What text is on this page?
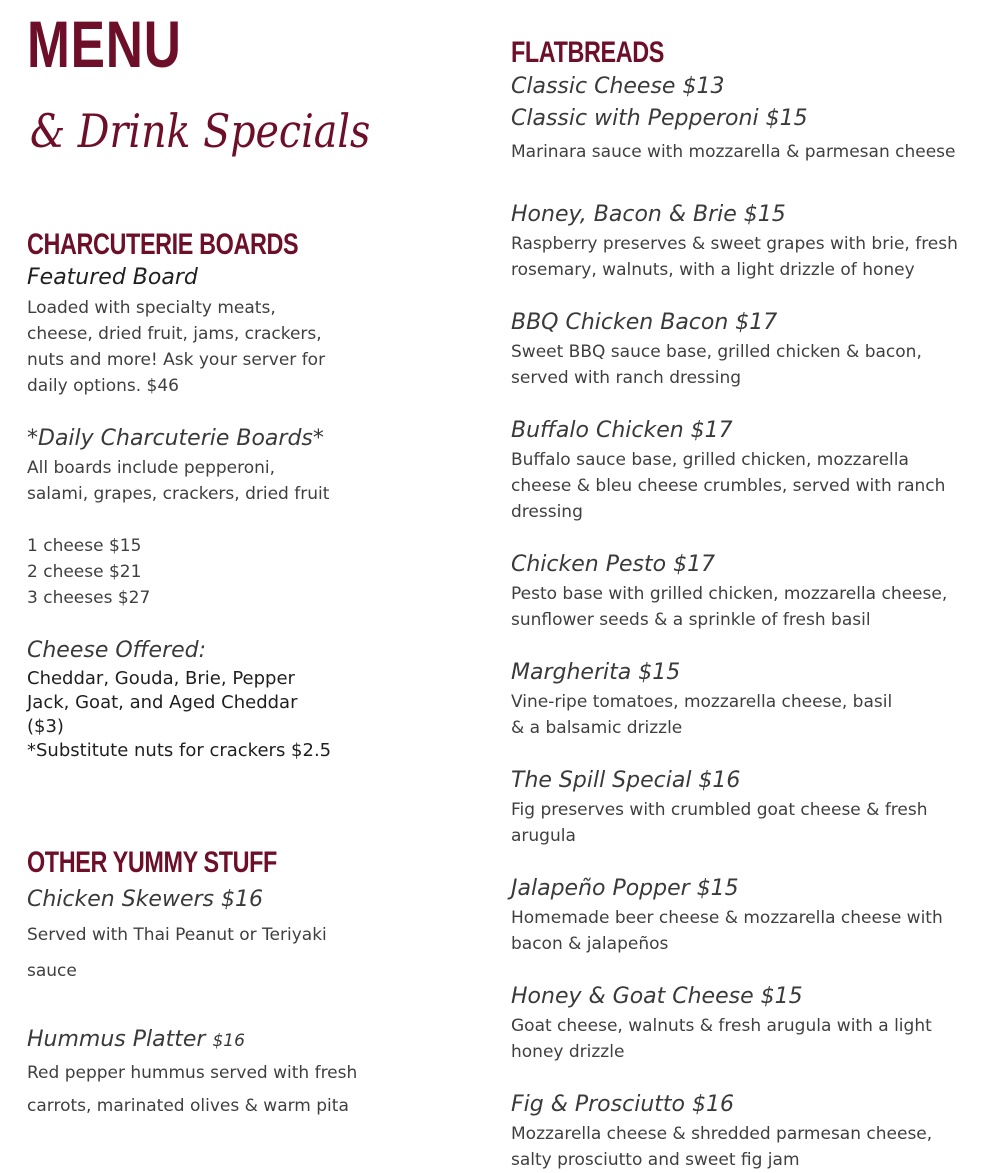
MENU
& Drink Specials
CHARCUTERIE BOARDS
Featured Board
Loaded with specialty meats,
cheese, dried fruit, jams, crackers,
nuts and more! Ask your server for
daily options. $46
*Daily Charcuterie Boards*
All boards include pepperoni,
salami, grapes, crackers, dried fruit
1 cheese $15
2 cheese $21
3 cheeses $27
Cheese Offered:
Cheddar, Gouda, Brie, Pepper
Jack, Goat, and Aged Cheddar
($3)
*Substitute nuts for crackers $2.5
OTHER YUMMY STUFF
Chicken Skewers $16
Served with Thai Peanut or Teriyaki
sauce
Hummus Platter $16
Red pepper hummus served with fresh
carrots, marinated olives & warm pita
FLATBREADS
Classic Cheese $13
Classic with Pepperoni $15
Marinara sauce with mozzarella & parmesan cheese
Honey, Bacon & Brie $15
Raspberry preserves & sweet grapes with brie, fresh
rosemary, walnuts, with a light drizzle of honey
BBQ Chicken Bacon $17
Sweet BBQ sauce base, grilled chicken & bacon,
served with ranch dressing
Buffalo Chicken $17
Buffalo sauce base, grilled chicken, mozzarella
cheese & bleu cheese crumbles, served with ranch
dressing
Chicken Pesto $17
Pesto base with grilled chicken, mozzarella cheese,
sunflower seeds & a sprinkle of fresh basil
Margherita $15
Vine-ripe tomatoes, mozzarella cheese, basil
& a balsamic drizzle
The Spill Special $16
Fig preserves with crumbled goat cheese & fresh
arugula
Jalapeño Popper $15
Homemade beer cheese & mozzarella cheese with
bacon & jalapeños
Honey & Goat Cheese $15
Goat cheese, walnuts & fresh arugula with a light
honey drizzle
Fig & Prosciutto $16
Mozzarella cheese & shredded parmesan cheese,
salty prosciutto and sweet fig jam
